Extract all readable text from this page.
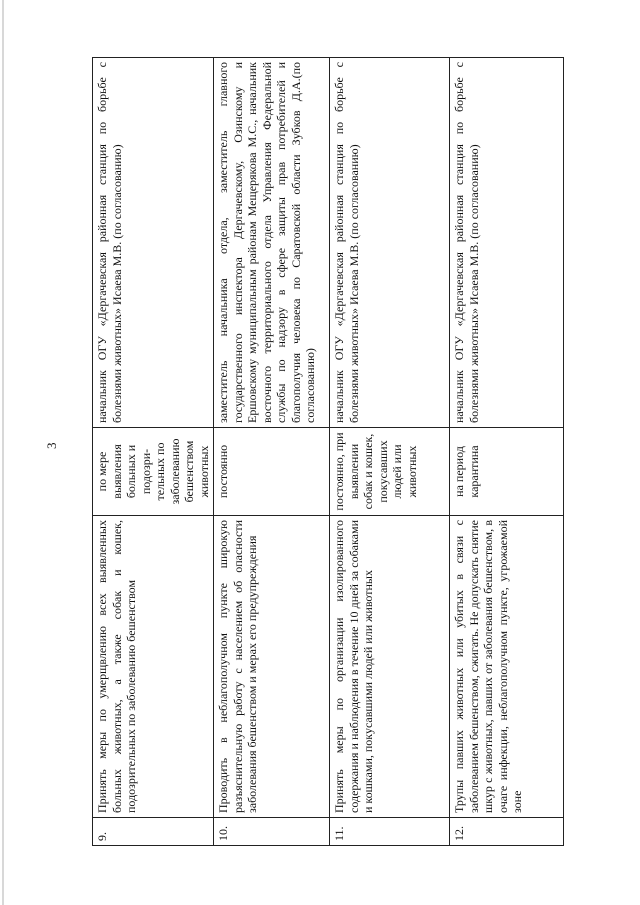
3
9.	Принять меры по умерщвлению всех выявленных больных животных, а также собак и кошек, подозрительных по заболеванию бешенством	по мере выявления больных и подозри-тельных по заболеванию бешенством животных	начальник ОГУ «Дергачевская районная станция по борьбе с болезнями животных» Исаева М.В. (по согласованию)
10.	Проводить в неблагополучном пункте широкую разъяснительную работу с населением об опасности заболевания бешенством и мерах его предупреждения	постоянно	заместитель начальника отдела, заместитель главного государственного инспектора Дергачевскому, Озинскому и Ершовскому муниципальным районам Мещерякова М.С., начальник восточного территориального отдела Управления Федеральной службы по надзору в сфере защиты прав потребителей и благополучия человека по Саратовской области Зубков Д.А.(по согласованию)
11.	Принять меры по организации изолированного содержания и наблюдения в течение 10 дней за собаками и кошками, покусавшими людей или животных	постоянно, при выявлении собак и кошек, покусавших людей или животных	начальник ОГУ «Дергачевская районная станция по борьбе с болезнями животных» Исаева М.В. (по согласованию)
12.	Трупы павших животных или убитых в связи с заболеванием бешенством, сжигать. Не допускать снятие шкур с животных, павших от заболевания бешенством, в очаге инфекции, неблагополучном пункте, угрожаемой зоне	на период карантина	начальник ОГУ «Дергачевская районная станция по борьбе с болезнями животных» Исаева М.В. (по согласованию)
